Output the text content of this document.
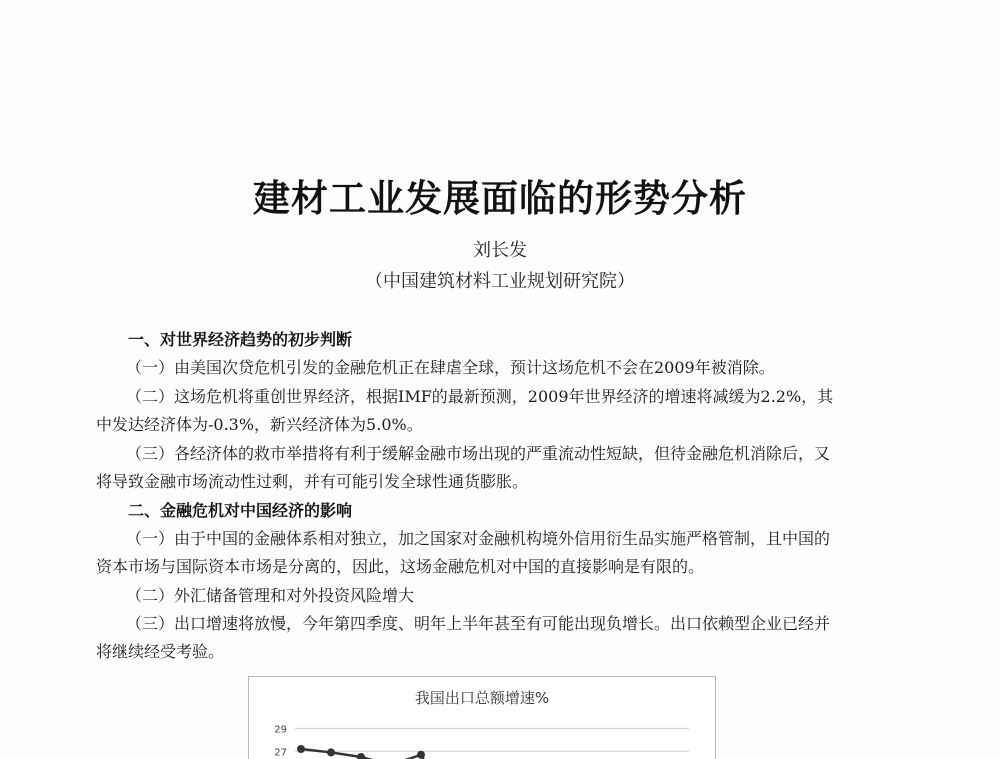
建材工业发展面临的形势分析
刘长发
（中国建筑材料工业规划研究院）
一、对世界经济趋势的初步判断
（一）由美国次贷危机引发的金融危机正在肆虐全球，预计这场危机不会在2009年被消除。
（二）这场危机将重创世界经济，根据IMF的最新预测，2009年世界经济的增速将减缓为2.2%，其
中发达经济体为-0.3%，新兴经济体为5.0%。
（三）各经济体的救市举措将有利于缓解金融市场出现的严重流动性短缺，但待金融危机消除后，又
将导致金融市场流动性过剩，并有可能引发全球性通货膨胀。
二、金融危机对中国经济的影响
（一）由于中国的金融体系相对独立，加之国家对金融机构境外信用衍生品实施严格管制，且中国的
资本市场与国际资本市场是分离的，因此，这场金融危机对中国的直接影响是有限的。
（二）外汇储备管理和对外投资风险增大
（三）出口增速将放慢，今年第四季度、明年上半年甚至有可能出现负增长。出口依赖型企业已经并
将继续经受考验。
我国出口总额增速%
29
27
